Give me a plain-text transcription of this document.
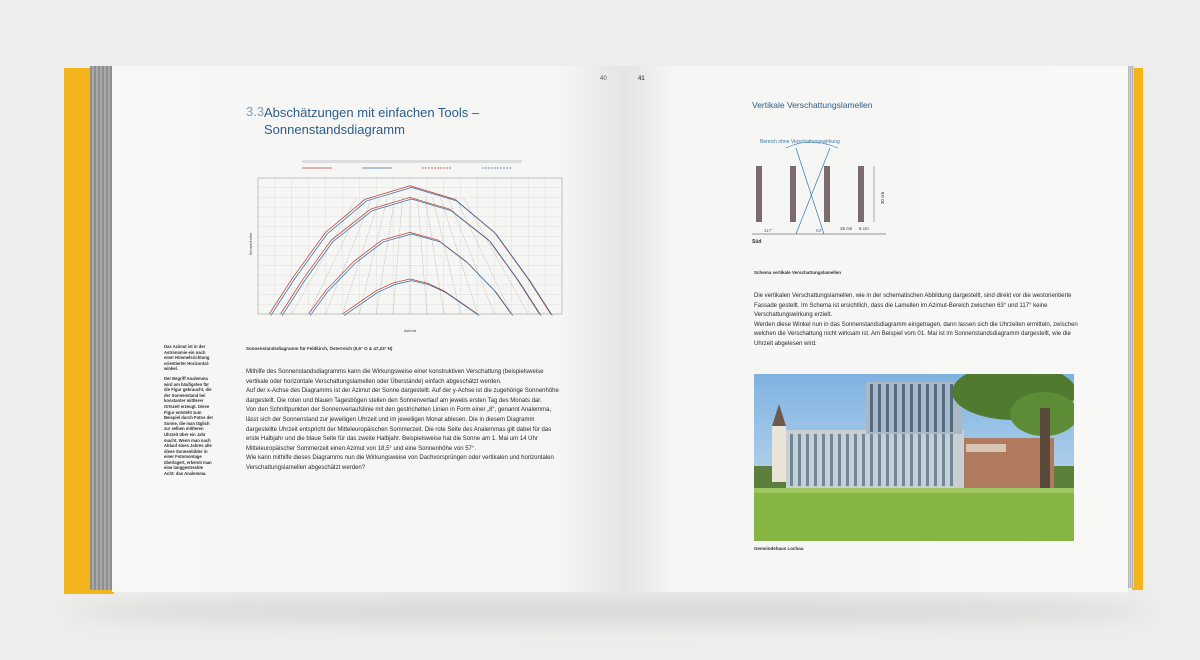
40
3.3 Abschätzungen mit einfachen Tools – Sonnenstandsdiagramm
Sonnenhöhe
Azimut
Sonnenstandsdiagramm für Feldkirch, Österreich (9,6° O & 47,23° N)

Das Azimut ist in der Astronomie ein nach einer Himmelsrichtung orientierter Horizontalwinkel.

Der Begriff Analemma wird am häufigsten für die Figur gebraucht, die der Sonnenstand bei konstanter mittlerer Ortszeit erzeugt. Diese Figur entsteht zum Beispiel durch Fotos der Sonne, die man täglich zur selben mittleren Uhrzeit über ein Jahr macht. Wenn man nach Ablauf eines Jahres alle diese Sonnenbilder in einer Fotomontage überlagert, erkennt man eine langgestreckte Acht: das Analemma.

Mithilfe des Sonnenstandsdiagramms kann die Wirkungsweise einer konstruktiven Verschattung (beispielsweise vertikale oder horizontale Verschattungslamellen oder Überstände) einfach abgeschätzt werden.

Auf der x-Achse des Diagramms ist der Azimut der Sonne dargestellt. Auf der y-Achse ist die zugehörige Sonnenhöhe dargestellt. Die roten und blauen Tagesbögen stellen den Sonnenverlauf am jeweils ersten Tag des Monats dar.

Von den Schnittpunkten der Sonnenverlaufslinie mit den gestrichelten Linien in Form einer „8“, genannt Analemma, lässt sich der Sonnenstand zur jeweiligen Uhrzeit und im jeweiligen Monat ablesen. Die in diesem Diagramm dargestellte Uhrzeit entspricht der Mitteleuropäischen Sommerzeit. Die rote Seite des Analemmas gilt dabei für das erste Halbjahr und die blaue Seite für das zweite Halbjahr. Beispielsweise hat die Sonne am 1. Mai um 14 Uhr Mitteleuropäischer Sommerzeit einen Azimut von 18,5° und eine Sonnenhöhe von 57°.

Wie kann mithilfe dieses Diagramms nun die Wirkungsweise von Dachvorsprüngen oder vertikalen und horizontalen Verschattungslamellen abgeschätzt werden?

41
Vertikale Verschattungslamellen
Bereich ohne Verschattungswirkung
30 cm
15 cm 5 cm
117°	63°
Süd
Schema vertikale Verschattungslamellen

Die vertikalen Verschattungslamellen, wie in der schematischen Abbildung dargestellt, sind direkt vor die westorientierte Fassade gestellt. Im Schema ist ersichtlich, dass die Lamellen im Azimut-Bereich zwischen 63° und 117° keine Verschattungswirkung erzielt.

Werden diese Winkel nun in das Sonnenstandsdiagramm eingetragen, dann lassen sich die Uhrzeiten ermitteln, zwischen welchen die Verschattung nicht wirksam ist. Am Beispiel vom 01. Mai ist im Sonnenstandsdiagramm dargestellt, wie die Uhrzeit abgelesen wird.

Gemeindehaus Lochau
